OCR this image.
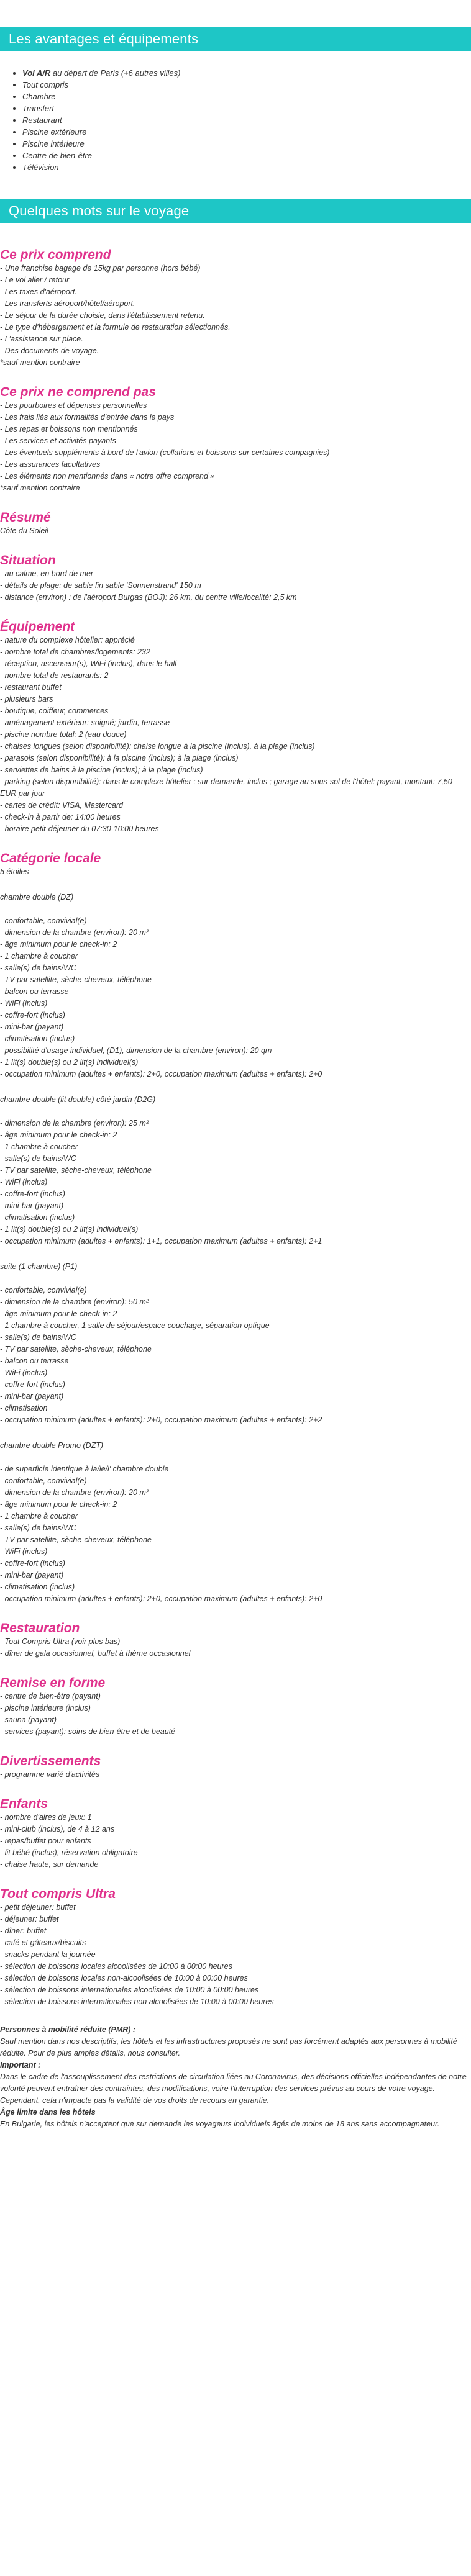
Les avantages et équipements
• Vol A/R au départ de Paris (+6 autres villes)
• Tout compris
• Chambre
• Transfert
• Restaurant
• Piscine extérieure
• Piscine intérieure
• Centre de bien-être
• Télévision
Quelques mots sur le voyage
Ce prix comprend
- Une franchise bagage de 15kg par personne (hors bébé)
- Le vol aller / retour
- Les taxes d'aéroport.
- Les transferts aéroport/hôtel/aéroport.
- Le séjour de la durée choisie, dans l'établissement retenu.
- Le type d'hébergement et la formule de restauration sélectionnés.
- L'assistance sur place.
- Des documents de voyage.
*sauf mention contraire
Ce prix ne comprend pas
- Les pourboires et dépenses personnelles
- Les frais liés aux formalités d'entrée dans le pays
- Les repas et boissons non mentionnés
- Les services et activités payants
- Les éventuels suppléments à bord de l'avion (collations et boissons sur certaines compagnies)
- Les assurances facultatives
- Les éléments non mentionnés dans « notre offre comprend »
*sauf mention contraire
Résumé
Côte du Soleil
Situation
- au calme, en bord de mer
- détails de plage: de sable fin sable 'Sonnenstrand' 150 m
- distance (environ) : de l'aéroport Burgas (BOJ): 26 km, du centre ville/localité: 2,5 km
Équipement
- nature du complexe hôtelier: apprécié
- nombre total de chambres/logements: 232
- réception, ascenseur(s), WiFi (inclus), dans le hall
- nombre total de restaurants: 2
- restaurant buffet
- plusieurs bars
- boutique, coiffeur, commerces
- aménagement extérieur: soigné; jardin, terrasse
- piscine nombre total: 2 (eau douce)
- chaises longues (selon disponibilité): chaise longue à la piscine (inclus), à la plage (inclus)
- parasols (selon disponibilité): à la piscine (inclus); à la plage (inclus)
- serviettes de bains à la piscine (inclus); à la plage (inclus)
- parking (selon disponibilité): dans le complexe hôtelier ; sur demande, inclus ; garage au sous-sol de l'hôtel: payant, montant: 7,50 EUR par jour
- cartes de crédit: VISA, Mastercard
- check-in à partir de: 14:00 heures
- horaire petit-déjeuner du 07:30-10:00 heures
Catégorie locale
5 étoiles
chambre double (DZ)
- confortable, convivial(e)
- dimension de la chambre (environ): 20 m²
- âge minimum pour le check-in: 2
- 1 chambre à coucher
- salle(s) de bains/WC
- TV par satellite, sèche-cheveux, téléphone
- balcon ou terrasse
- WiFi (inclus)
- coffre-fort (inclus)
- mini-bar (payant)
- climatisation (inclus)
- possibilité d'usage individuel, (D1), dimension de la chambre (environ): 20 qm
- 1 lit(s) double(s) ou 2 lit(s) individuel(s)
- occupation minimum (adultes + enfants): 2+0, occupation maximum (adultes + enfants): 2+0
chambre double (lit double) côté jardin (D2G)
- dimension de la chambre (environ): 25 m²
- âge minimum pour le check-in: 2
- 1 chambre à coucher
- salle(s) de bains/WC
- TV par satellite, sèche-cheveux, téléphone
- WiFi (inclus)
- coffre-fort (inclus)
- mini-bar (payant)
- climatisation (inclus)
- 1 lit(s) double(s) ou 2 lit(s) individuel(s)
- occupation minimum (adultes + enfants): 1+1, occupation maximum (adultes + enfants): 2+1
suite (1 chambre) (P1)
- confortable, convivial(e)
- dimension de la chambre (environ): 50 m²
- âge minimum pour le check-in: 2
- 1 chambre à coucher, 1 salle de séjour/espace couchage, séparation optique
- salle(s) de bains/WC
- TV par satellite, sèche-cheveux, téléphone
- balcon ou terrasse
- WiFi (inclus)
- coffre-fort (inclus)
- mini-bar (payant)
- climatisation
- occupation minimum (adultes + enfants): 2+0, occupation maximum (adultes + enfants): 2+2
chambre double Promo (DZT)
- de superficie identique à la/le/l' chambre double
- confortable, convivial(e)
- dimension de la chambre (environ): 20 m²
- âge minimum pour le check-in: 2
- 1 chambre à coucher
- salle(s) de bains/WC
- TV par satellite, sèche-cheveux, téléphone
- WiFi (inclus)
- coffre-fort (inclus)
- mini-bar (payant)
- climatisation (inclus)
- occupation minimum (adultes + enfants): 2+0, occupation maximum (adultes + enfants): 2+0
Restauration
- Tout Compris Ultra (voir plus bas)
- dîner de gala occasionnel, buffet à thème occasionnel
Remise en forme
- centre de bien-être (payant)
- piscine intérieure (inclus)
- sauna (payant)
- services (payant): soins de bien-être et de beauté
Divertissements
- programme varié d'activités
Enfants
- nombre d'aires de jeux: 1
- mini-club (inclus), de 4 à 12 ans
- repas/buffet pour enfants
- lit bébé (inclus), réservation obligatoire
- chaise haute, sur demande
Tout compris Ultra
- petit déjeuner: buffet
- déjeuner: buffet
- dîner: buffet
- café et gâteaux/biscuits
- snacks pendant la journée
- sélection de boissons locales alcoolisées de 10:00 à 00:00 heures
- sélection de boissons locales non-alcoolisées de 10:00 à 00:00 heures
- sélection de boissons internationales alcoolisées de 10:00 à 00:00 heures
- sélection de boissons internationales non alcoolisées de 10:00 à 00:00 heures
Personnes à mobilité réduite (PMR) :
Sauf mention dans nos descriptifs, les hôtels et les infrastructures proposés ne sont pas forcément adaptés aux personnes à mobilité réduite. Pour de plus amples détails, nous consulter.
Important :
Dans le cadre de l'assouplissement des restrictions de circulation liées au Coronavirus, des décisions officielles indépendantes de notre volonté peuvent entraîner des contraintes, des modifications, voire l'interruption des services prévus au cours de votre voyage.
Cependant, cela n'impacte pas la validité de vos droits de recours en garantie.
Âge limite dans les hôtels
En Bulgarie, les hôtels n'acceptent que sur demande les voyageurs individuels âgés de moins de 18 ans sans accompagnateur.
